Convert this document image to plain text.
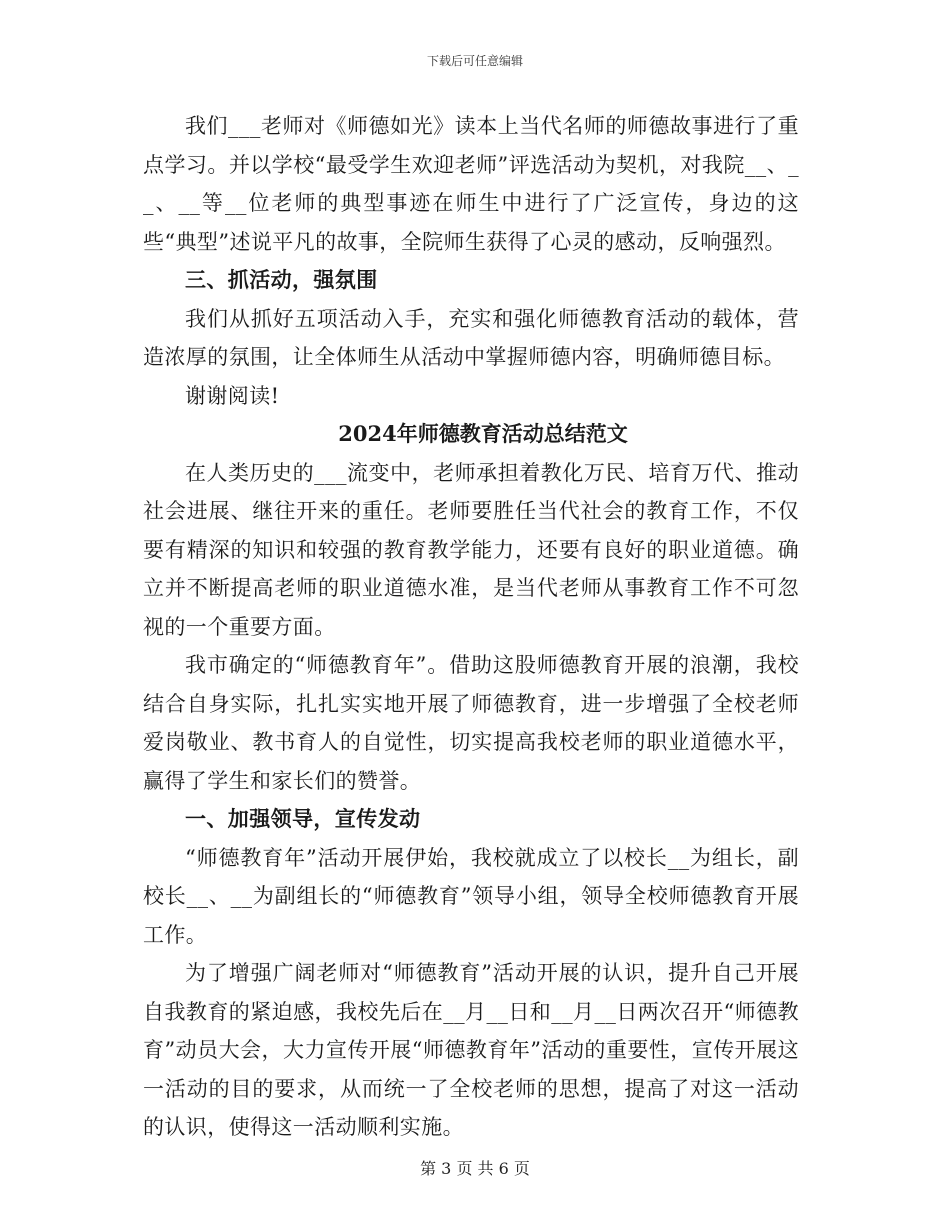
下载后可任意编辑

我们___老师对《师德如光》读本上当代名师的师德故事进行了重点学习。并以学校“最受学生欢迎老师”评选活动为契机，对我院__、__、__等__位老师的典型事迹在师生中进行了广泛宣传，身边的这些“典型”述说平凡的故事，全院师生获得了心灵的感动，反响强烈。

三、抓活动，强氛围

我们从抓好五项活动入手，充实和强化师德教育活动的载体，营造浓厚的氛围，让全体师生从活动中掌握师德内容，明确师德目标。

谢谢阅读!

2024年师德教育活动总结范文

在人类历史的___流变中，老师承担着教化万民、培育万代、推动社会进展、继往开来的重任。老师要胜任当代社会的教育工作，不仅要有精深的知识和较强的教育教学能力，还要有良好的职业道德。确立并不断提高老师的职业道德水准，是当代老师从事教育工作不可忽视的一个重要方面。

我市确定的“师德教育年”。借助这股师德教育开展的浪潮，我校结合自身实际，扎扎实实地开展了师德教育，进一步增强了全校老师爱岗敬业、教书育人的自觉性，切实提高我校老师的职业道德水平，赢得了学生和家长们的赞誉。

一、加强领导，宣传发动

“师德教育年”活动开展伊始，我校就成立了以校长__为组长，副校长__、__为副组长的“师德教育”领导小组，领导全校师德教育开展工作。

为了增强广阔老师对“师德教育”活动开展的认识，提升自己开展自我教育的紧迫感，我校先后在__月__日和__月__日两次召开“师德教育”动员大会，大力宣传开展“师德教育年”活动的重要性，宣传开展这一活动的目的要求，从而统一了全校老师的思想，提高了对这一活动的认识，使得这一活动顺利实施。

第 3 页 共 6 页
